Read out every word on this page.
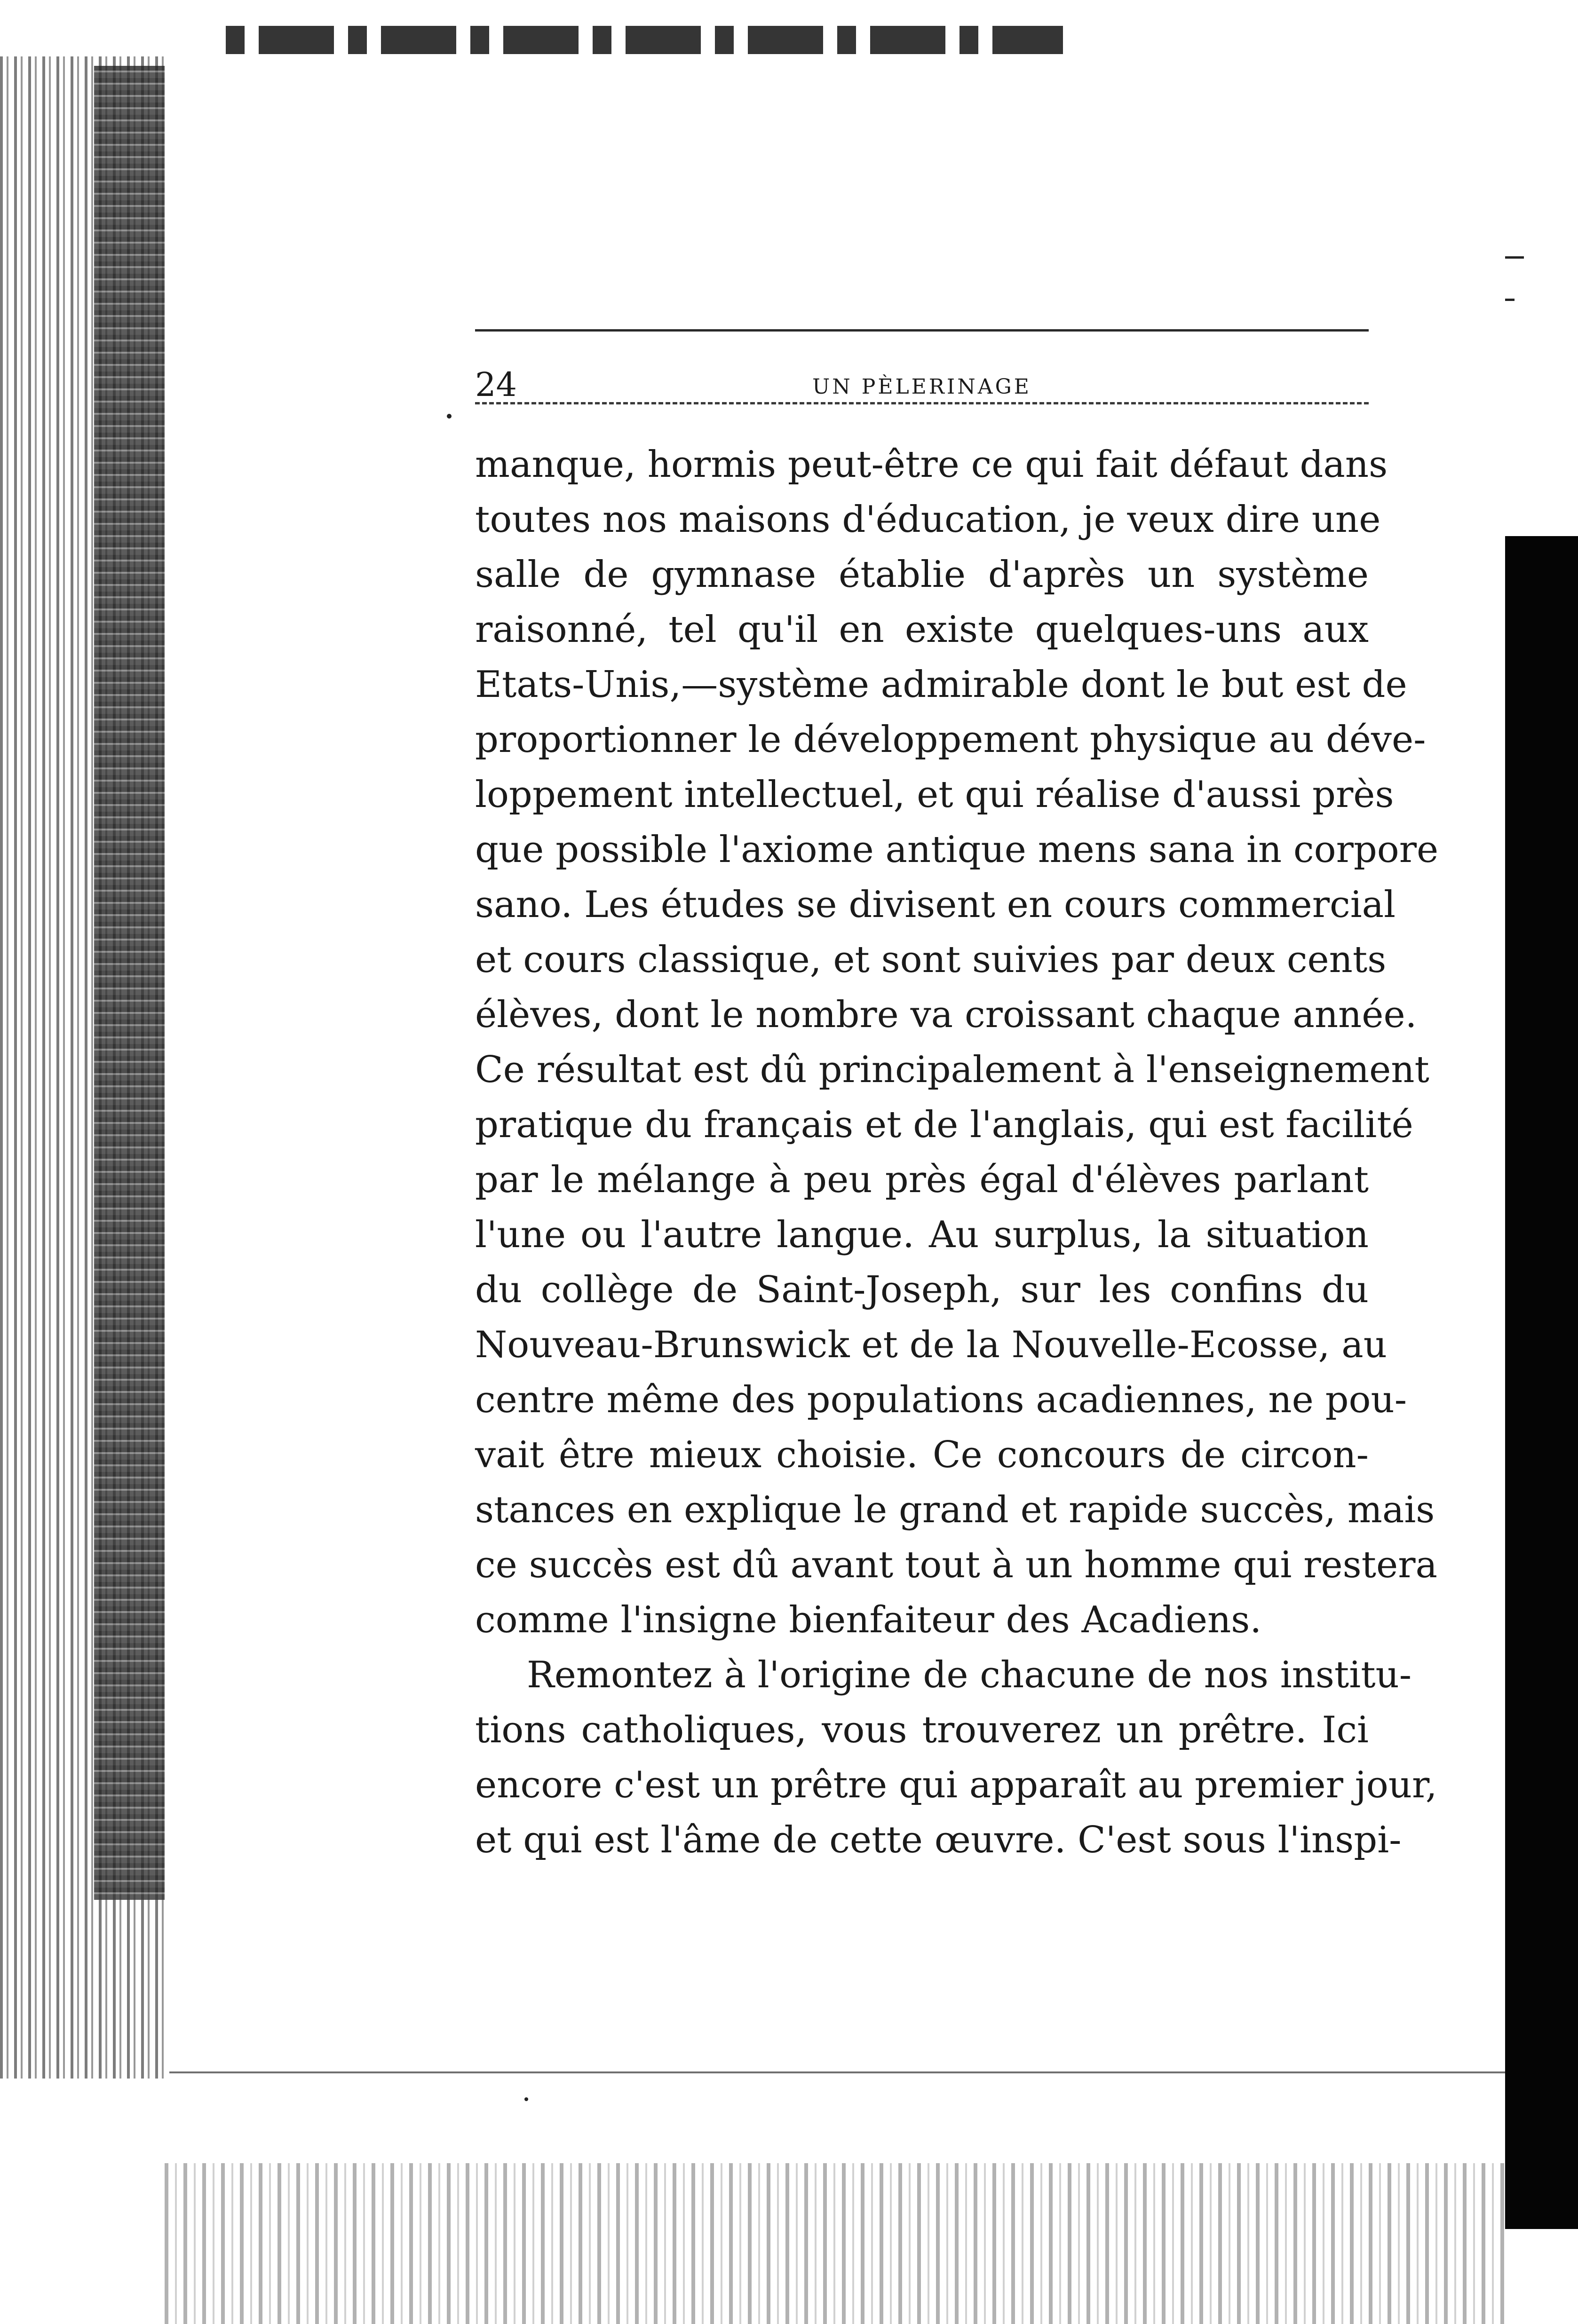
24	UN PÈLERINAGE
manque, hormis peut-être ce qui fait défaut dans
toutes nos maisons d'éducation, je veux dire une
salle de gymnase établie d'après un système
raisonné, tel qu'il en existe quelques-uns aux
Etats-Unis,—système admirable dont le but est de
proportionner le développement physique au déve-
loppement intellectuel, et qui réalise d'aussi près
que possible l'axiome antique mens sana in corpore
sano. Les études se divisent en cours commercial
et cours classique, et sont suivies par deux cents
élèves, dont le nombre va croissant chaque année.
Ce résultat est dû principalement à l'enseignement
pratique du français et de l'anglais, qui est facilité
par le mélange à peu près égal d'élèves parlant
l'une ou l'autre langue. Au surplus, la situation
du collège de Saint-Joseph, sur les confins du
Nouveau-Brunswick et de la Nouvelle-Ecosse, au
centre même des populations acadiennes, ne pou-
vait être mieux choisie. Ce concours de circon-
stances en explique le grand et rapide succès, mais
ce succès est dû avant tout à un homme qui restera
comme l'insigne bienfaiteur des Acadiens.
Remontez à l'origine de chacune de nos institu-
tions catholiques, vous trouverez un prêtre. Ici
encore c'est un prêtre qui apparaît au premier jour,
et qui est l'âme de cette œuvre. C'est sous l'inspi-
